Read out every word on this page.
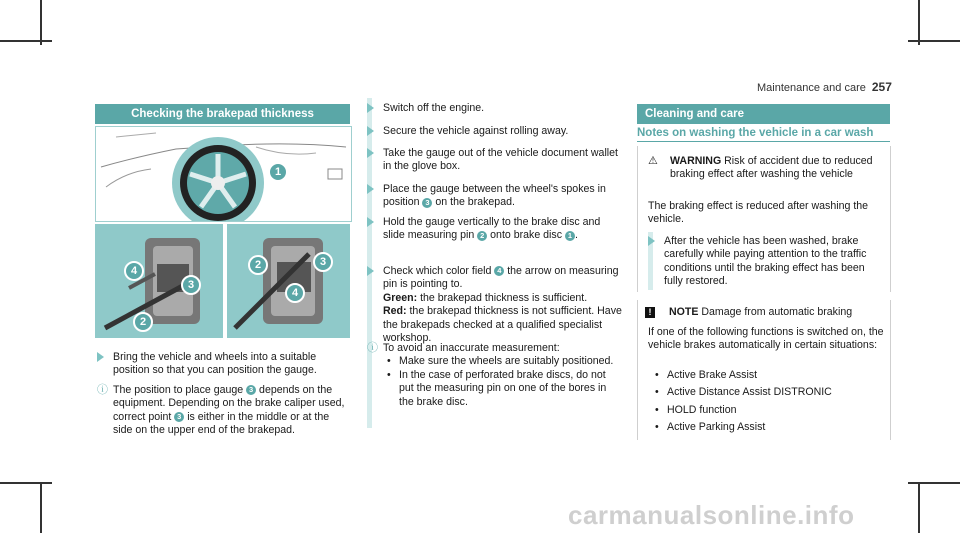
Maintenance and care 257
Checking the brakepad thickness
1
4
3
2
2	3
4
Bring the vehicle and wheels into a suitable position so that you can position the gauge.
ⓘ The position to place gauge 3 depends on the equipment. Depending on the brake caliper used, correct point 3 is either in the middle or at the side on the upper end of the brakepad.
Switch off the engine.
Secure the vehicle against rolling away.
Take the gauge out of the vehicle document wallet in the glove box.
Place the gauge between the wheel's spokes in position 3 on the brakepad.
Hold the gauge vertically to the brake disc and slide measuring pin 2 onto brake disc 1 .
Check which color field 4 the arrow on measuring pin is pointing to.
Green: the brakepad thickness is sufficient.
Red: the brakepad thickness is not sufficient. Have the brakepads checked at a qualified specialist workshop.
ⓘ To avoid an inaccurate measurement:
• Make sure the wheels are suitably positioned.
• In the case of perforated brake discs, do not put the measuring pin on one of the bores in the brake disc.
Cleaning and care
Notes on washing the vehicle in a car wash
⚠ WARNING Risk of accident due to reduced braking effect after washing the vehicle
The braking effect is reduced after washing the vehicle.
After the vehicle has been washed, brake carefully while paying attention to the traffic conditions until the braking effect has been fully restored.
!	NOTE Damage from automatic braking
If one of the following functions is switched on, the vehicle brakes automatically in certain situations:
• Active Brake Assist
• Active Distance Assist DISTRONIC
• HOLD function
• Active Parking Assist
carmanualsonline.info
